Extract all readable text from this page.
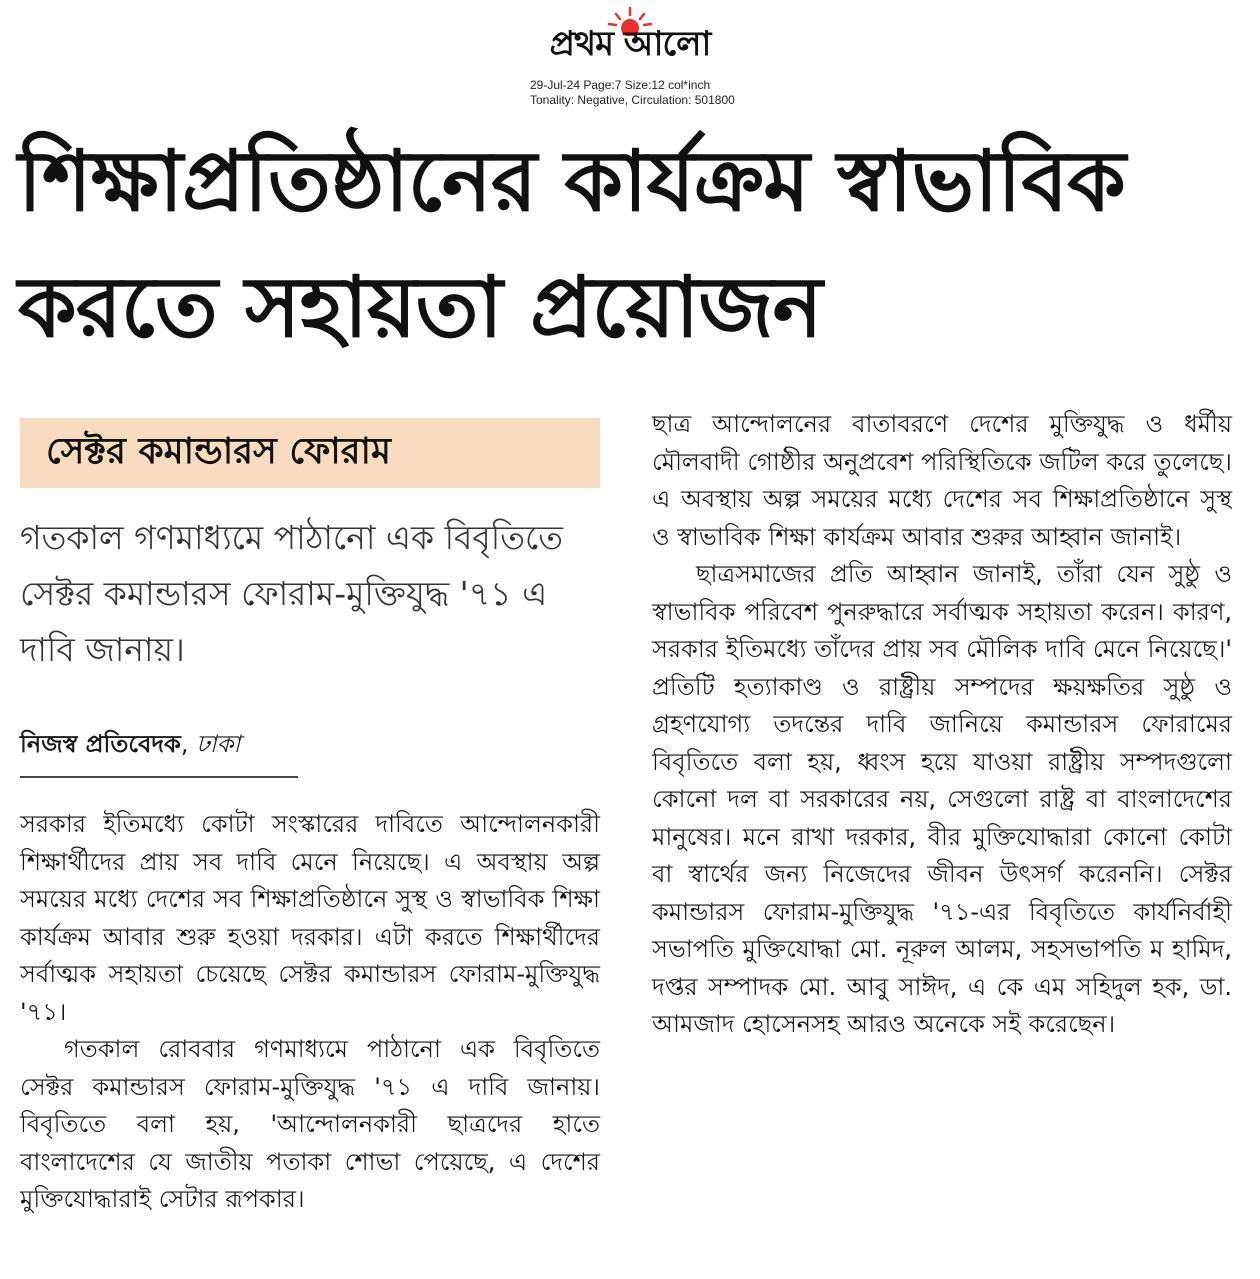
প্রথম আলো
29-Jul-24 Page:7 Size:12 col*inch
Tonality: Negative, Circulation: 501800
শিক্ষাপ্রতিষ্ঠানের কার্যক্রম স্বাভাবিক
করতে সহায়তা প্রয়োজন
সেক্টর কমান্ডারস ফোরাম

গতকাল গণমাধ্যমে পাঠানো এক বিবৃতিতে সেক্টর কমান্ডারস ফোরাম-মুক্তিযুদ্ধ '৭১ এ দাবি জানায়।

নিজস্ব প্রতিবেদক, ঢাকা

সরকার ইতিমধ্যে কোটা সংস্কারের দাবিতে আন্দোলনকারী শিক্ষার্থীদের প্রায় সব দাবি মেনে নিয়েছে। এ অবস্থায় অল্প সময়ের মধ্যে দেশের সব শিক্ষাপ্রতিষ্ঠানে সুস্থ ও স্বাভাবিক শিক্ষা কার্যক্রম আবার শুরু হওয়া দরকার। এটা করতে শিক্ষার্থীদের সর্বাত্মক সহায়তা চেয়েছে সেক্টর কমান্ডারস ফোরাম-মুক্তিযুদ্ধ '৭১।

গতকাল রোববার গণমাধ্যমে পাঠানো এক বিবৃতিতে সেক্টর কমান্ডারস ফোরাম-মুক্তিযুদ্ধ '৭১ এ দাবি জানায়। বিবৃতিতে বলা হয়, 'আন্দোলনকারী ছাত্রদের হাতে বাংলাদেশের যে জাতীয় পতাকা শোভা পেয়েছে, এ দেশের মুক্তিযোদ্ধারাই সেটার রূপকার।

ছাত্র আন্দোলনের বাতাবরণে দেশের মুক্তিযুদ্ধ ও ধর্মীয় মৌলবাদী গোষ্ঠীর অনুপ্রবেশ পরিস্থিতিকে জটিল করে তুলেছে। এ অবস্থায় অল্প সময়ের মধ্যে দেশের সব শিক্ষাপ্রতিষ্ঠানে সুস্থ ও স্বাভাবিক শিক্ষা কার্যক্রম আবার শুরুর আহ্বান জানাই।

ছাত্রসমাজের প্রতি আহ্বান জানাই, তাঁরা যেন সুষ্ঠু ও স্বাভাবিক পরিবেশ পুনরুদ্ধারে সর্বাত্মক সহায়তা করেন। কারণ, সরকার ইতিমধ্যে তাঁদের প্রায় সব মৌলিক দাবি মেনে নিয়েছে।' প্রতিটি হত্যাকাণ্ড ও রাষ্ট্রীয় সম্পদের ক্ষয়ক্ষতির সুষ্ঠু ও গ্রহণযোগ্য তদন্তের দাবি জানিয়ে কমান্ডারস ফোরামের বিবৃতিতে বলা হয়, ধ্বংস হয়ে যাওয়া রাষ্ট্রীয় সম্পদগুলো কোনো দল বা সরকারের নয়, সেগুলো রাষ্ট্র বা বাংলাদেশের মানুষের। মনে রাখা দরকার, বীর মুক্তিযোদ্ধারা কোনো কোটা বা স্বার্থের জন্য নিজেদের জীবন উৎসর্গ করেননি। সেক্টর কমান্ডারস ফোরাম-মুক্তিযুদ্ধ '৭১-এর বিবৃতিতে কার্যনির্বাহী সভাপতি মুক্তিযোদ্ধা মো. নূরুল আলম, সহসভাপতি ম হামিদ, দপ্তর সম্পাদক মো. আবু সাঈদ, এ কে এম সহিদুল হক, ডা. আমজাদ হোসেনসহ আরও অনেকে সই করেছেন।
